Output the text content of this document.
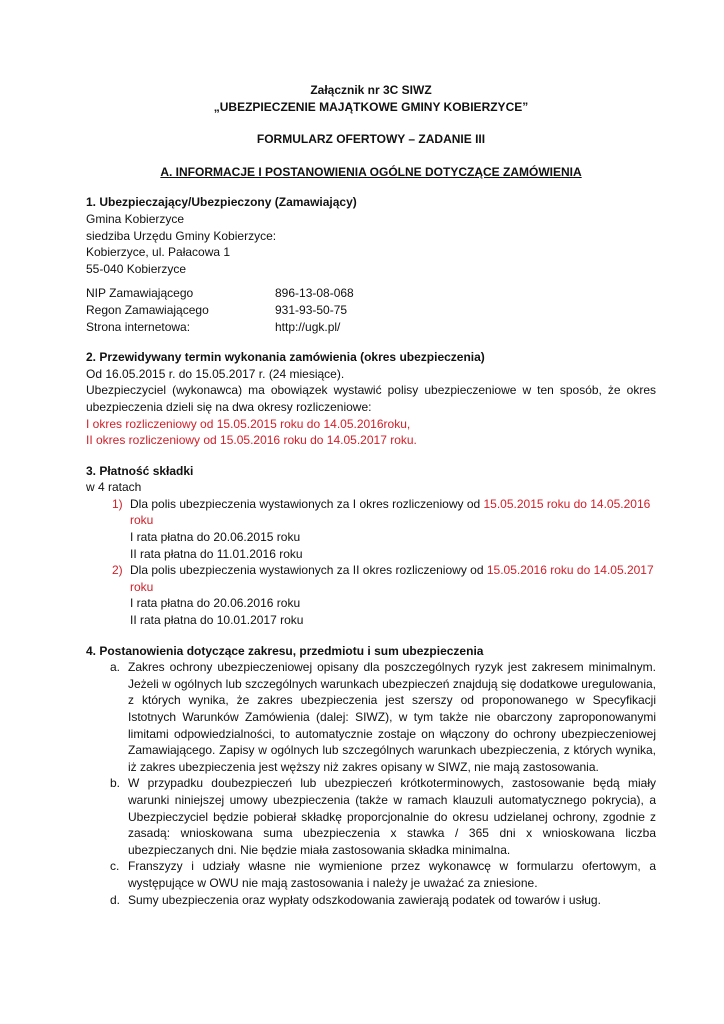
Załącznik nr 3C SIWZ
„UBEZPIECZENIE MAJĄTKOWE GMINY KOBIERZYCE”
FORMULARZ OFERTOWY – ZADANIE III
A. INFORMACJE I POSTANOWIENIA OGÓLNE DOTYCZĄCE ZAMÓWIENIA
1. Ubezpieczający/Ubezpieczony (Zamawiający)
Gmina Kobierzyce
siedziba Urzędu Gminy Kobierzyce:
Kobierzyce, ul. Pałacowa 1
55-040 Kobierzyce
NIP Zamawiającego	896-13-08-068
Regon Zamawiającego	931-93-50-75
Strona internetowa:	http://ugk.pl/
2. Przewidywany termin wykonania zamówienia (okres ubezpieczenia)
Od 16.05.2015 r. do 15.05.2017 r. (24 miesiące).
Ubezpieczyciel (wykonawca) ma obowiązek wystawić polisy ubezpieczeniowe w ten sposób, że okres ubezpieczenia dzieli się na dwa okresy rozliczeniowe:
I okres rozliczeniowy od 15.05.2015 roku do 14.05.2016roku,
II okres rozliczeniowy od 15.05.2016 roku do 14.05.2017 roku.
3. Płatność składki
w 4 ratach
1) Dla polis ubezpieczenia wystawionych za I okres rozliczeniowy od 15.05.2015 roku do 14.05.2016 roku
I rata płatna do 20.06.2015 roku
II rata płatna do 11.01.2016 roku
2) Dla polis ubezpieczenia wystawionych za II okres rozliczeniowy od 15.05.2016 roku do 14.05.2017 roku
I rata płatna do 20.06.2016 roku
II rata płatna do 10.01.2017 roku
4. Postanowienia dotyczące zakresu, przedmiotu i sum ubezpieczenia
a. Zakres ochrony ubezpieczeniowej opisany dla poszczególnych ryzyk jest zakresem minimalnym. Jeżeli w ogólnych lub szczególnych warunkach ubezpieczeń znajdują się dodatkowe uregulowania, z których wynika, że zakres ubezpieczenia jest szerszy od proponowanego w Specyfikacji Istotnych Warunków Zamówienia (dalej: SIWZ), w tym także nie obarczony zaproponowanymi limitami odpowiedzialności, to automatycznie zostaje on włączony do ochrony ubezpieczeniowej Zamawiającego. Zapisy w ogólnych lub szczególnych warunkach ubezpieczenia, z których wynika, iż zakres ubezpieczenia jest węższy niż zakres opisany w SIWZ, nie mają zastosowania.
b. W przypadku doubezpieczeń lub ubezpieczeń krótkoterminowych, zastosowanie będą miały warunki niniejszej umowy ubezpieczenia (także w ramach klauzuli automatycznego pokrycia), a Ubezpieczyciel będzie pobierał składkę proporcjonalnie do okresu udzielanej ochrony, zgodnie z zasadą: wnioskowana suma ubezpieczenia x stawka / 365 dni x wnioskowana liczba ubezpieczanych dni. Nie będzie miała zastosowania składka minimalna.
c. Franszyzy i udziały własne nie wymienione przez wykonawcę w formularzu ofertowym, a występujące w OWU nie mają zastosowania i należy je uważać za zniesione.
d. Sumy ubezpieczenia oraz wypłaty odszkodowania zawierają podatek od towarów i usług.
